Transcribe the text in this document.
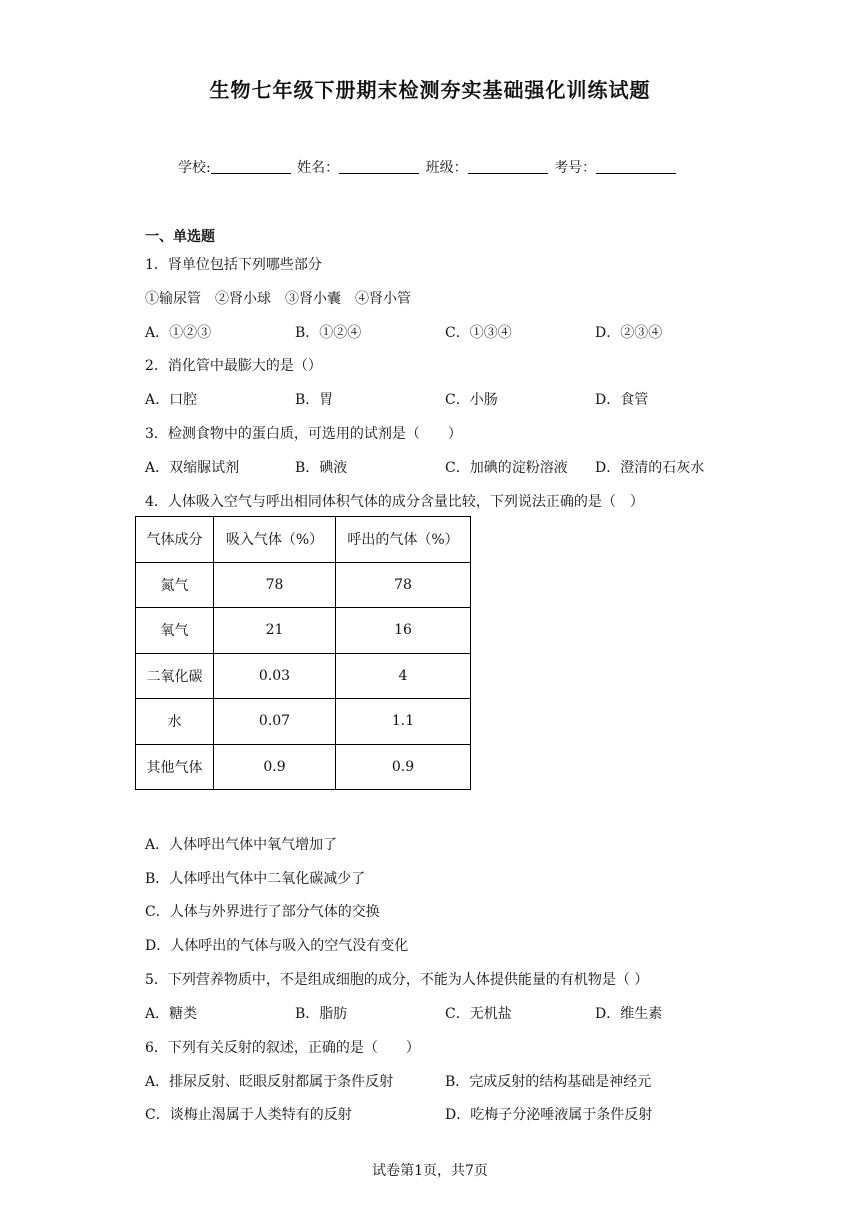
生物七年级下册期末检测夯实基础强化训练试题
学校:	姓名：	班级：	考号：
一、单选题
1．肾单位包括下列哪些部分
①输尿管　②肾小球　③肾小囊　④肾小管
A．①②③	B．①②④	C．①③④	D．②③④
2．消化管中最膨大的是（）
A．口腔	B．胃	C．小肠	D．食管
3．检测食物中的蛋白质，可选用的试剂是（　　）
A．双缩脲试剂	B．碘液	C．加碘的淀粉溶液 D．澄清的石灰水
4．人体吸入空气与呼出相同体积气体的成分含量比较，下列说法正确的是（　）
气体成分	吸入气体（%）	呼出的气体（%）
氮气	78	78
氧气	21	16
二氧化碳	0.03	4
水	0.07	1.1
其他气体	0.9	0.9
A．人体呼出气体中氧气增加了
B．人体呼出气体中二氧化碳减少了
C．人体与外界进行了部分气体的交换
D．人体呼出的气体与吸入的空气没有变化
5．下列营养物质中，不是组成细胞的成分，不能为人体提供能量的有机物是（ ）
A．糖类	B．脂肪	C．无机盐	D．维生素
6．下列有关反射的叙述，正确的是（　　）
A．排尿反射、眨眼反射都属于条件反射	B．完成反射的结构基础是神经元
C．谈梅止渴属于人类特有的反射	D．吃梅子分泌唾液属于条件反射
试卷第1页，共7页
